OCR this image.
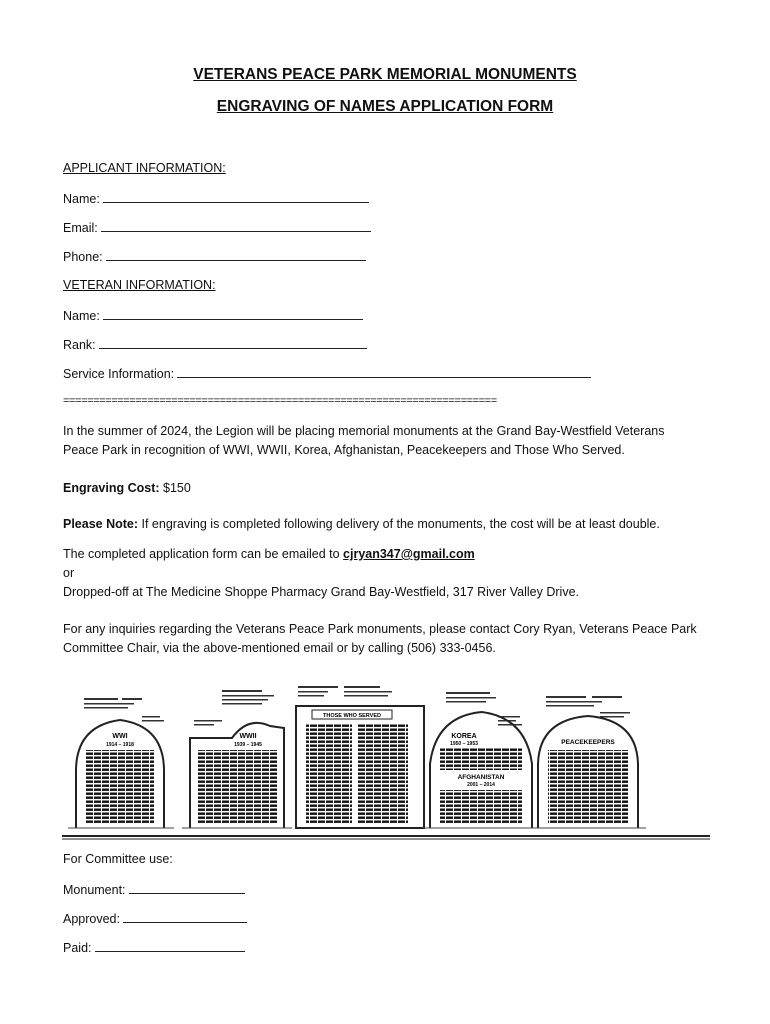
VETERANS PEACE PARK MEMORIAL MONUMENTS
ENGRAVING OF NAMES APPLICATION FORM
APPLICANT INFORMATION:
Name:
Email:
Phone:
VETERAN INFORMATION:
Name:
Rank:
Service Information:
========================================================================
In the summer of 2024, the Legion will be placing memorial monuments at the Grand Bay-Westfield Veterans Peace Park in recognition of WWI, WWII, Korea, Afghanistan, Peacekeepers and Those Who Served.
Engraving Cost: $150
Please Note: If engraving is completed following delivery of the monuments, the cost will be at least double.
The completed application form can be emailed to cjryan347@gmail.com
or
Dropped-off at The Medicine Shoppe Pharmacy Grand Bay-Westfield, 317 River Valley Drive.
For any inquiries regarding the Veterans Peace Park monuments, please contact Cory Ryan, Veterans Peace Park Committee Chair, via the above-mentioned email or by calling (506) 333-0456.
WWI
1914 – 1918
WWII
1939 – 1945
THOSE WHO SERVED
KOREA
1950 – 1953
AFGHANISTAN
2001 – 2014
PEACEKEEPERS
For Committee use:
Monument:
Approved:
Paid:
